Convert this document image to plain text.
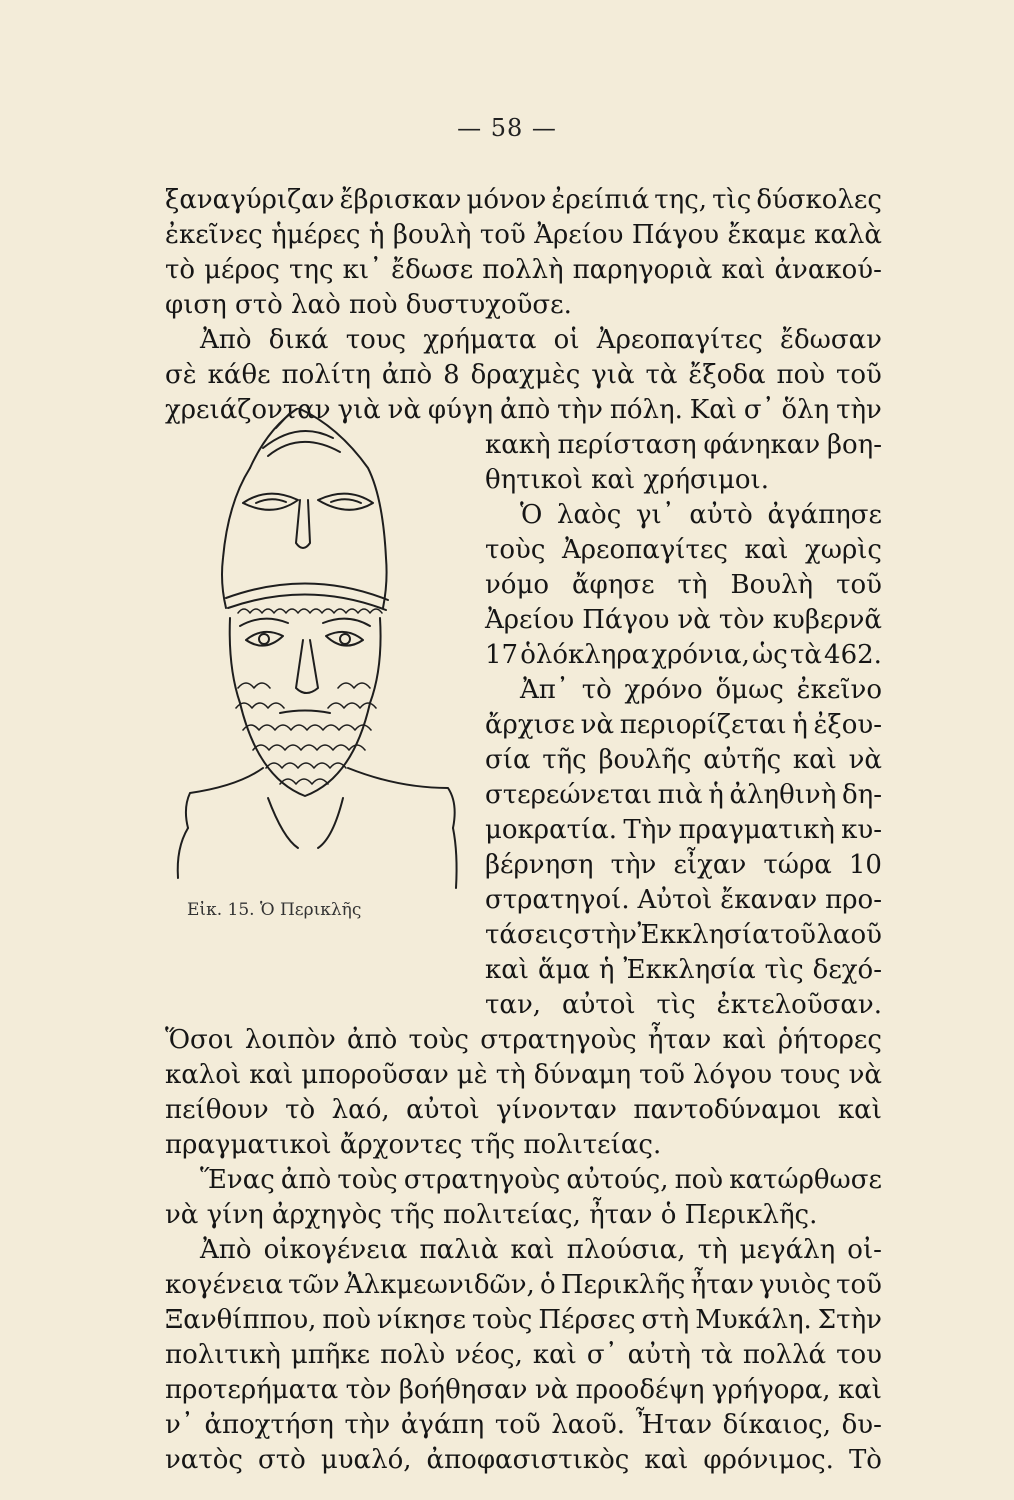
— 58 —
ξαναγύριζαν ἔβρισκαν μόνον ἐρείπιά της, τὶς δύσκολες
ἐκεῖνες ἡμέρες ἡ βουλὴ τοῦ Ἀρείου Πάγου ἔκαμε καλὰ
τὸ μέρος της κι᾽ ἔδωσε πολλὴ παρηγοριὰ καὶ ἀνακού-
φιση στὸ λαὸ ποὺ δυστυχοῦσε.
Ἀπὸ δικά τους χρήματα οἱ Ἀρεοπαγίτες ἔδωσαν
σὲ κάθε πολίτη ἀπὸ 8 δραχμὲς γιὰ τὰ ἔξοδα ποὺ τοῦ
χρειάζονταν γιὰ νὰ φύγη ἀπὸ τὴν πόλη. Καὶ σ᾽ ὅλη τὴν
κακὴ περίσταση φάνηκαν βοη-
θητικοὶ καὶ χρήσιμοι.
Ὁ λαὸς γι᾽ αὐτὸ ἀγάπησε
τοὺς Ἀρεοπαγίτες καὶ χωρὶς
νόμο ἄφησε τὴ Βουλὴ τοῦ
Ἀρείου Πάγου νὰ τὸν κυβερνᾶ
17 ὁλόκληρα χρόνια, ὡς τὰ 462.
Ἀπ᾽ τὸ χρόνο ὅμως ἐκεῖνο
ἄρχισε νὰ περιορίζεται ἡ ἐξου-
σία τῆς βουλῆς αὐτῆς καὶ νὰ
στερεώνεται πιὰ ἡ ἀληθινὴ δη-
μοκρατία. Τὴν πραγματικὴ κυ-
βέρνηση τὴν εἶχαν τώρα 10
στρατηγοί. Αὐτοὶ ἔκαναν προ-
τάσεις στὴν Ἐκκλησία τοῦ λαοῦ
καὶ ἅμα ἡ Ἐκκλησία τὶς δεχό-
ταν, αὐτοὶ τὶς ἐκτελοῦσαν.
Ὅσοι λοιπὸν ἀπὸ τοὺς στρατηγοὺς ἦταν καὶ ῥήτορες
καλοὶ καὶ μποροῦσαν μὲ τὴ δύναμη τοῦ λόγου τους νὰ
πείθουν τὸ λαό, αὐτοὶ γίνονταν παντοδύναμοι καὶ
πραγματικοὶ ἄρχοντες τῆς πολιτείας.
Ἕνας ἀπὸ τοὺς στρατηγοὺς αὐτούς, ποὺ κατώρθωσε
νὰ γίνη ἀρχηγὸς τῆς πολιτείας, ἦταν ὁ Περικλῆς.
Ἀπὸ οἰκογένεια παλιὰ καὶ πλούσια, τὴ μεγάλη οἰ-
κογένεια τῶν Ἀλκμεωνιδῶν, ὁ Περικλῆς ἦταν γυιὸς τοῦ
Ξανθίππου, ποὺ νίκησε τοὺς Πέρσες στὴ Μυκάλη. Στὴν
πολιτικὴ μπῆκε πολὺ νέος, καὶ σ᾽ αὐτὴ τὰ πολλά του
προτερήματα τὸν βοήθησαν νὰ προοδέψη γρήγορα, καὶ
ν᾽ ἀποχτήση τὴν ἀγάπη τοῦ λαοῦ. Ἦταν δίκαιος, δυ-
νατὸς στὸ μυαλό, ἀποφασιστικὸς καὶ φρόνιμος. Τὸ
Εἰκ. 15. Ὁ Περικλῆς
